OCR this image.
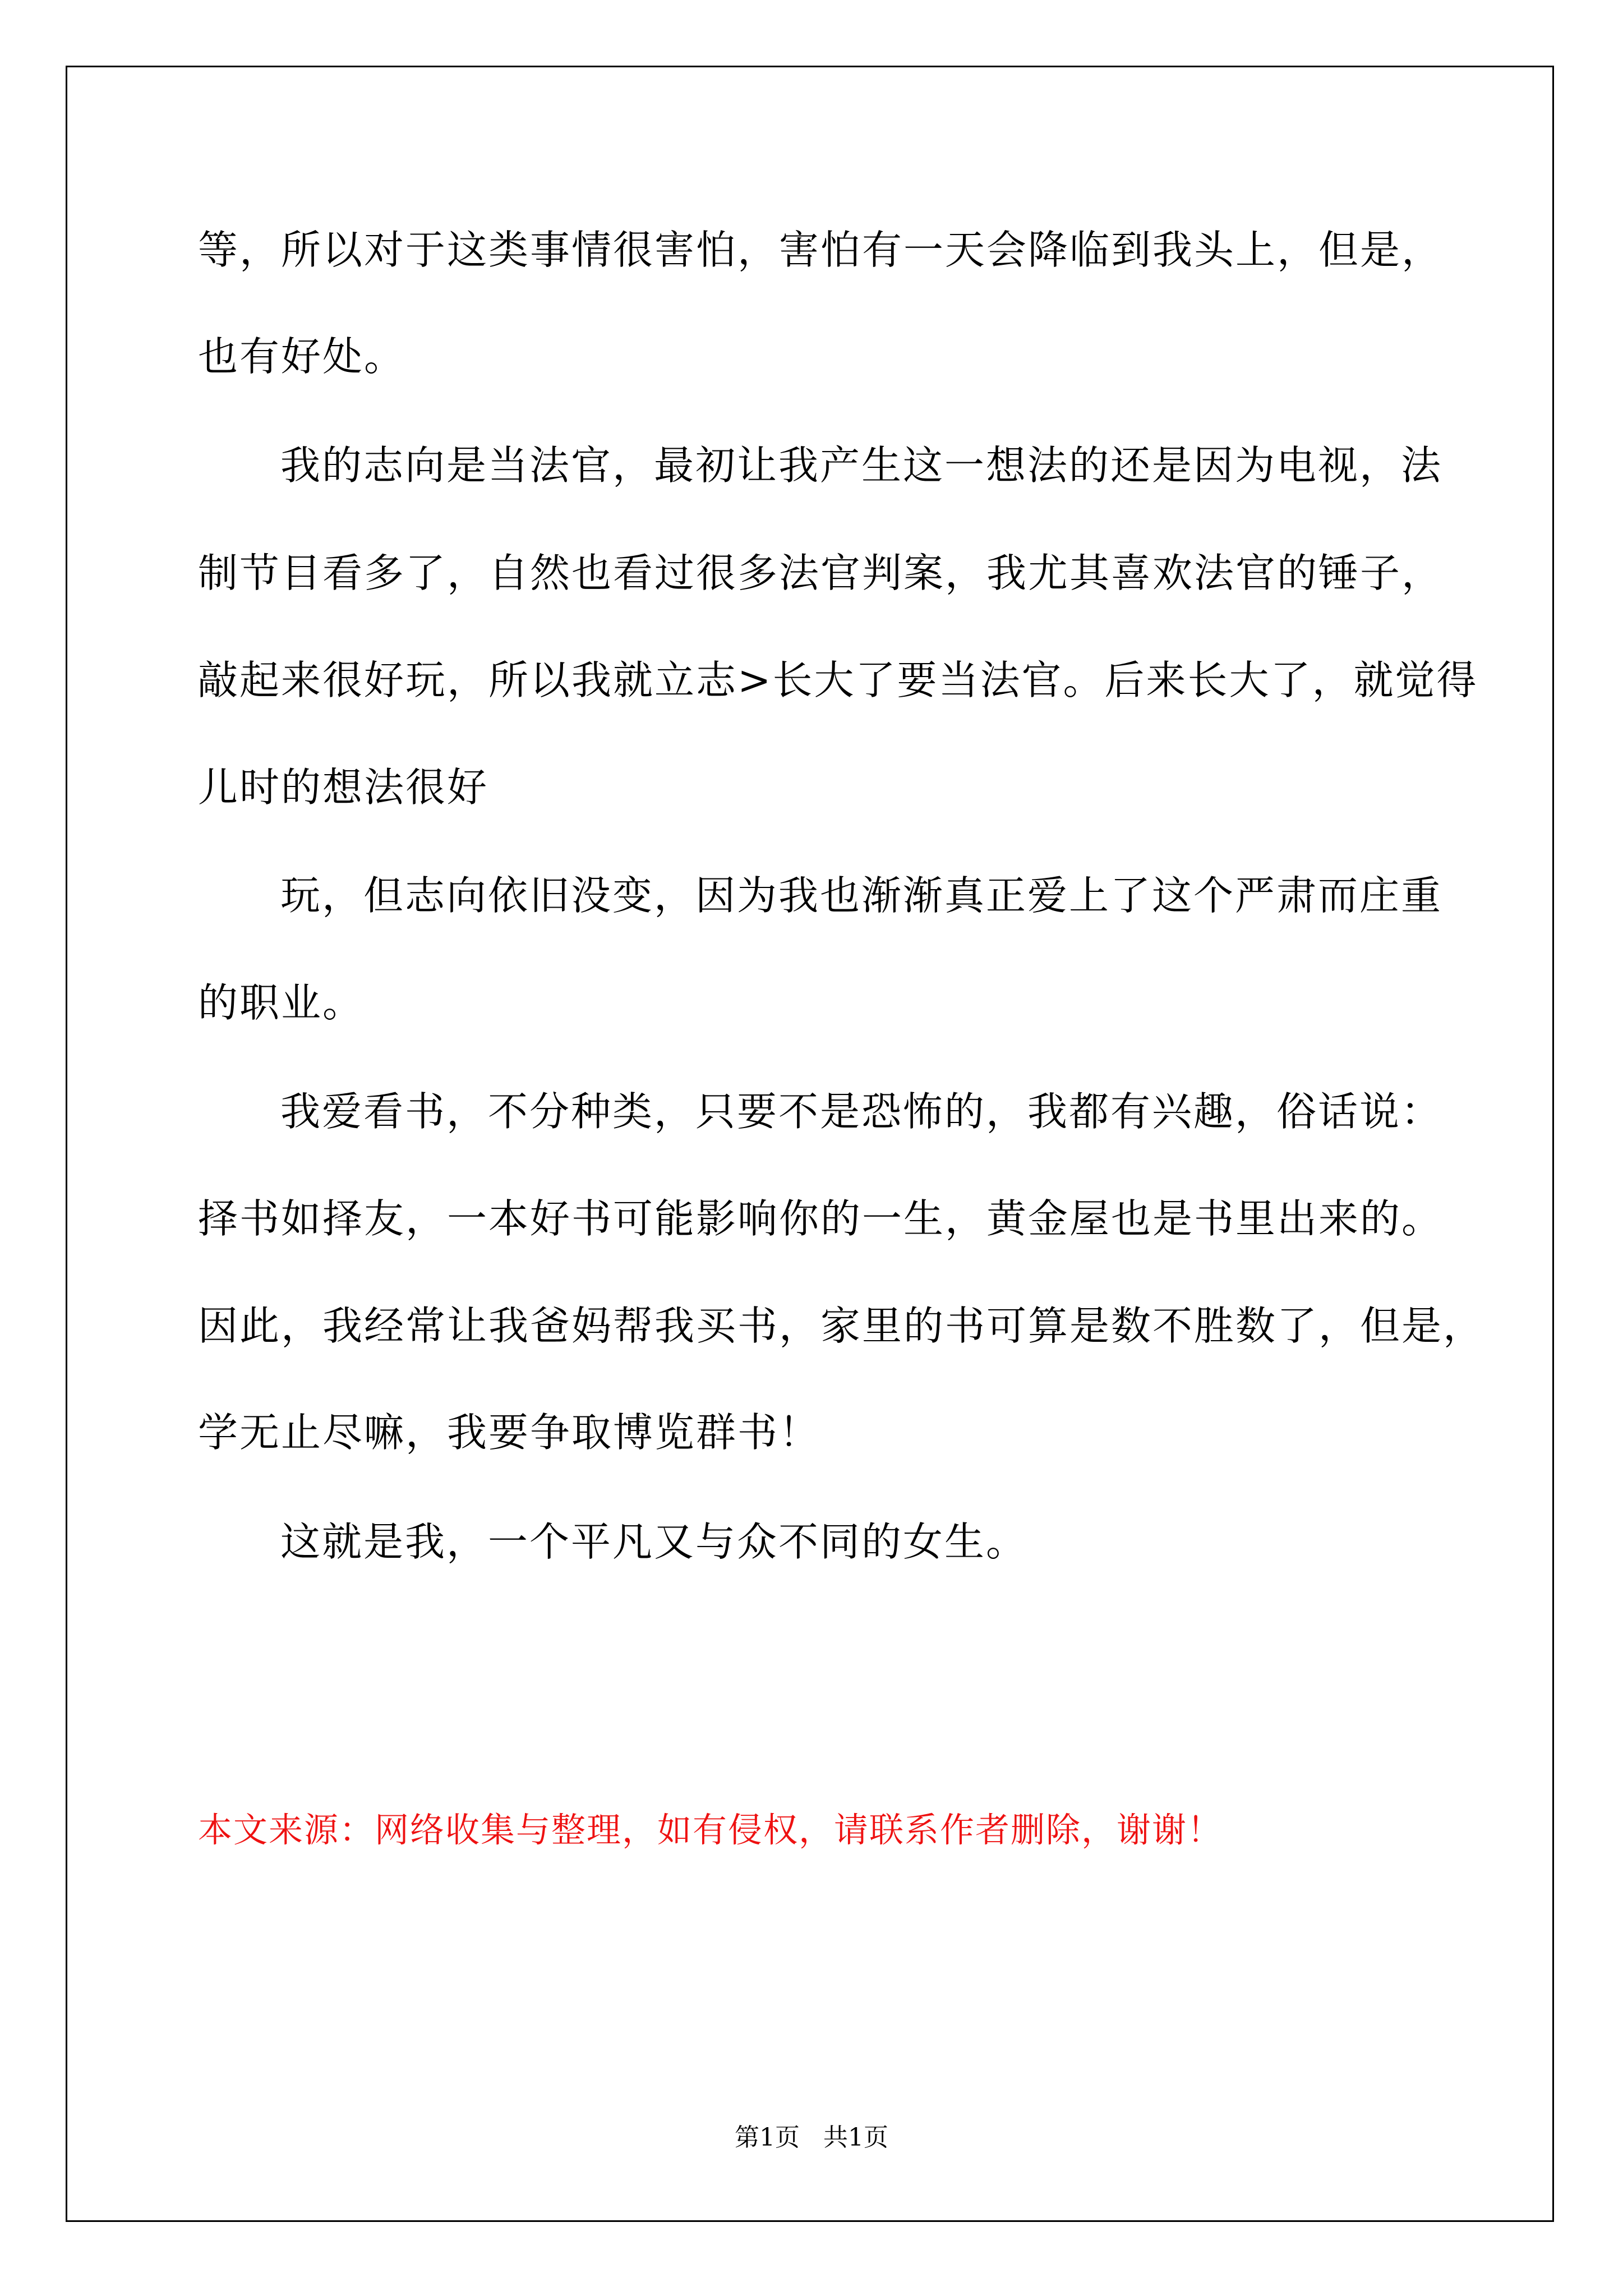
等，所以对于这类事情很害怕，害怕有一天会降临到我头上，但是，
也有好处。
我的志向是当法官，最初让我产生这一想法的还是因为电视，法
制节目看多了，自然也看过很多法官判案，我尤其喜欢法官的锤子，
敲起来很好玩，所以我就立志>长大了要当法官。后来长大了，就觉得
儿时的想法很好
玩，但志向依旧没变，因为我也渐渐真正爱上了这个严肃而庄重
的职业。
我爱看书，不分种类，只要不是恐怖的，我都有兴趣，俗话说：
择书如择友，一本好书可能影响你的一生，黄金屋也是书里出来的。
因此，我经常让我爸妈帮我买书，家里的书可算是数不胜数了，但是，
学无止尽嘛，我要争取博览群书！
这就是我，一个平凡又与众不同的女生。
本文来源：网络收集与整理，如有侵权，请联系作者删除，谢谢！
第1页   共1页
